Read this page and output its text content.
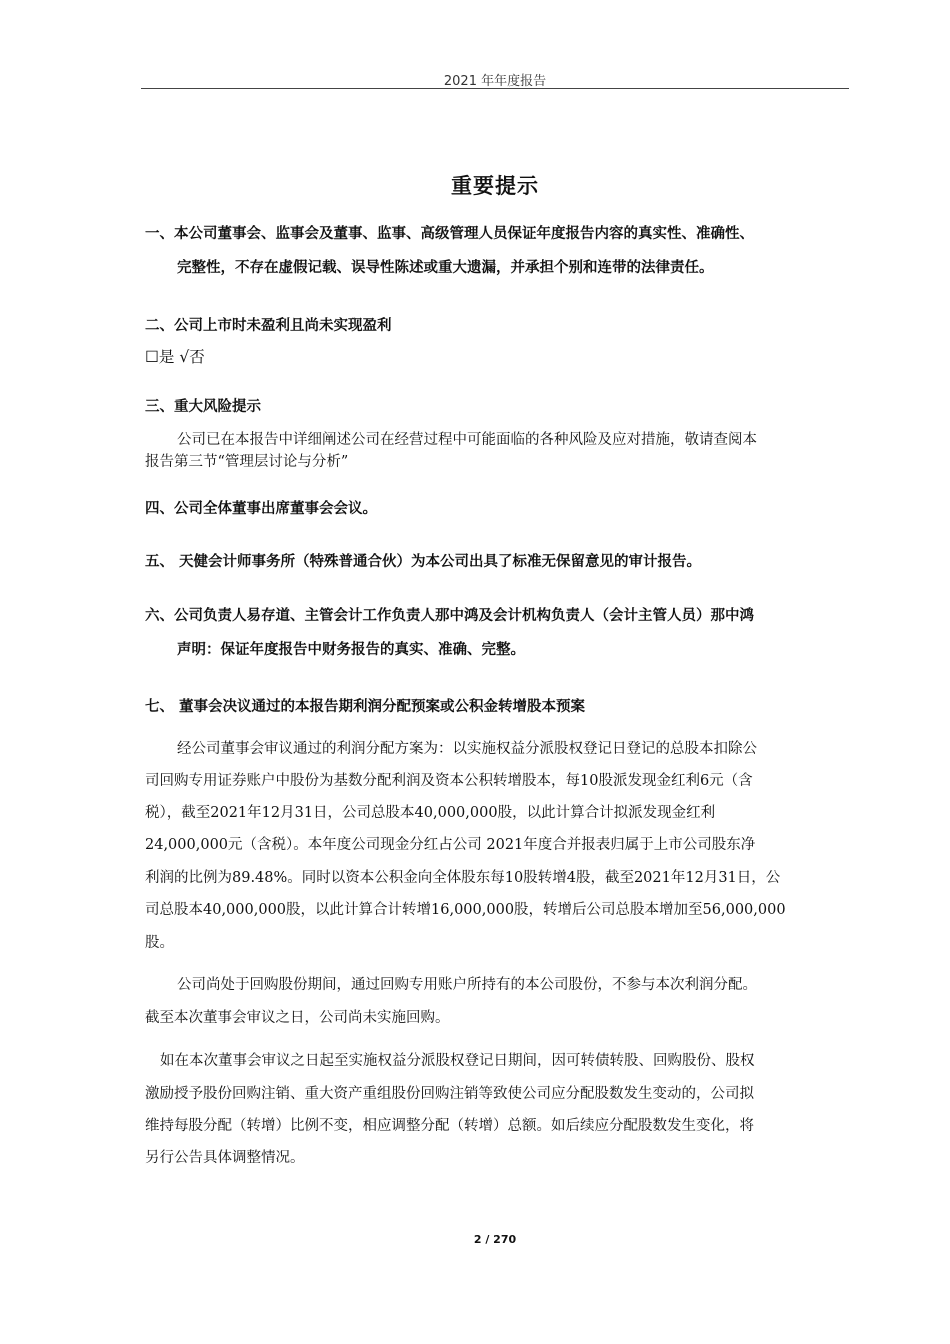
2021 年年度报告
重要提示
一、本公司董事会、监事会及董事、监事、高级管理人员保证年度报告内容的真实性、准确性、
完整性，不存在虚假记载、误导性陈述或重大遗漏，并承担个别和连带的法律责任。
二、公司上市时未盈利且尚未实现盈利
☐是 √否
三、重大风险提示
公司已在本报告中详细阐述公司在经营过程中可能面临的各种风险及应对措施，敬请查阅本
报告第三节“管理层讨论与分析”
四、公司全体董事出席董事会会议。
五、 天健会计师事务所（特殊普通合伙）为本公司出具了标准无保留意见的审计报告。
六、公司负责人易存道、主管会计工作负责人那中鸿及会计机构负责人（会计主管人员）那中鸿
声明：保证年度报告中财务报告的真实、准确、完整。
七、 董事会决议通过的本报告期利润分配预案或公积金转增股本预案
经公司董事会审议通过的利润分配方案为：以实施权益分派股权登记日登记的总股本扣除公
司回购专用证券账户中股份为基数分配利润及资本公积转增股本，每10股派发现金红利6元（含
税），截至2021年12月31日，公司总股本40,000,000股，以此计算合计拟派发现金红利
24,000,000元（含税）。本年度公司现金分红占公司 2021年度合并报表归属于上市公司股东净
利润的比例为89.48%。同时以资本公积金向全体股东每10股转增4股，截至2021年12月31日，公
司总股本40,000,000股，以此计算合计转增16,000,000股，转增后公司总股本增加至56,000,000
股。
公司尚处于回购股份期间，通过回购专用账户所持有的本公司股份，不参与本次利润分配。
截至本次董事会审议之日，公司尚未实施回购。
如在本次董事会审议之日起至实施权益分派股权登记日期间，因可转债转股、回购股份、股权
激励授予股份回购注销、重大资产重组股份回购注销等致使公司应分配股数发生变动的，公司拟
维持每股分配（转增）比例不变，相应调整分配（转增）总额。如后续应分配股数发生变化，将
另行公告具体调整情况。
2 / 270
